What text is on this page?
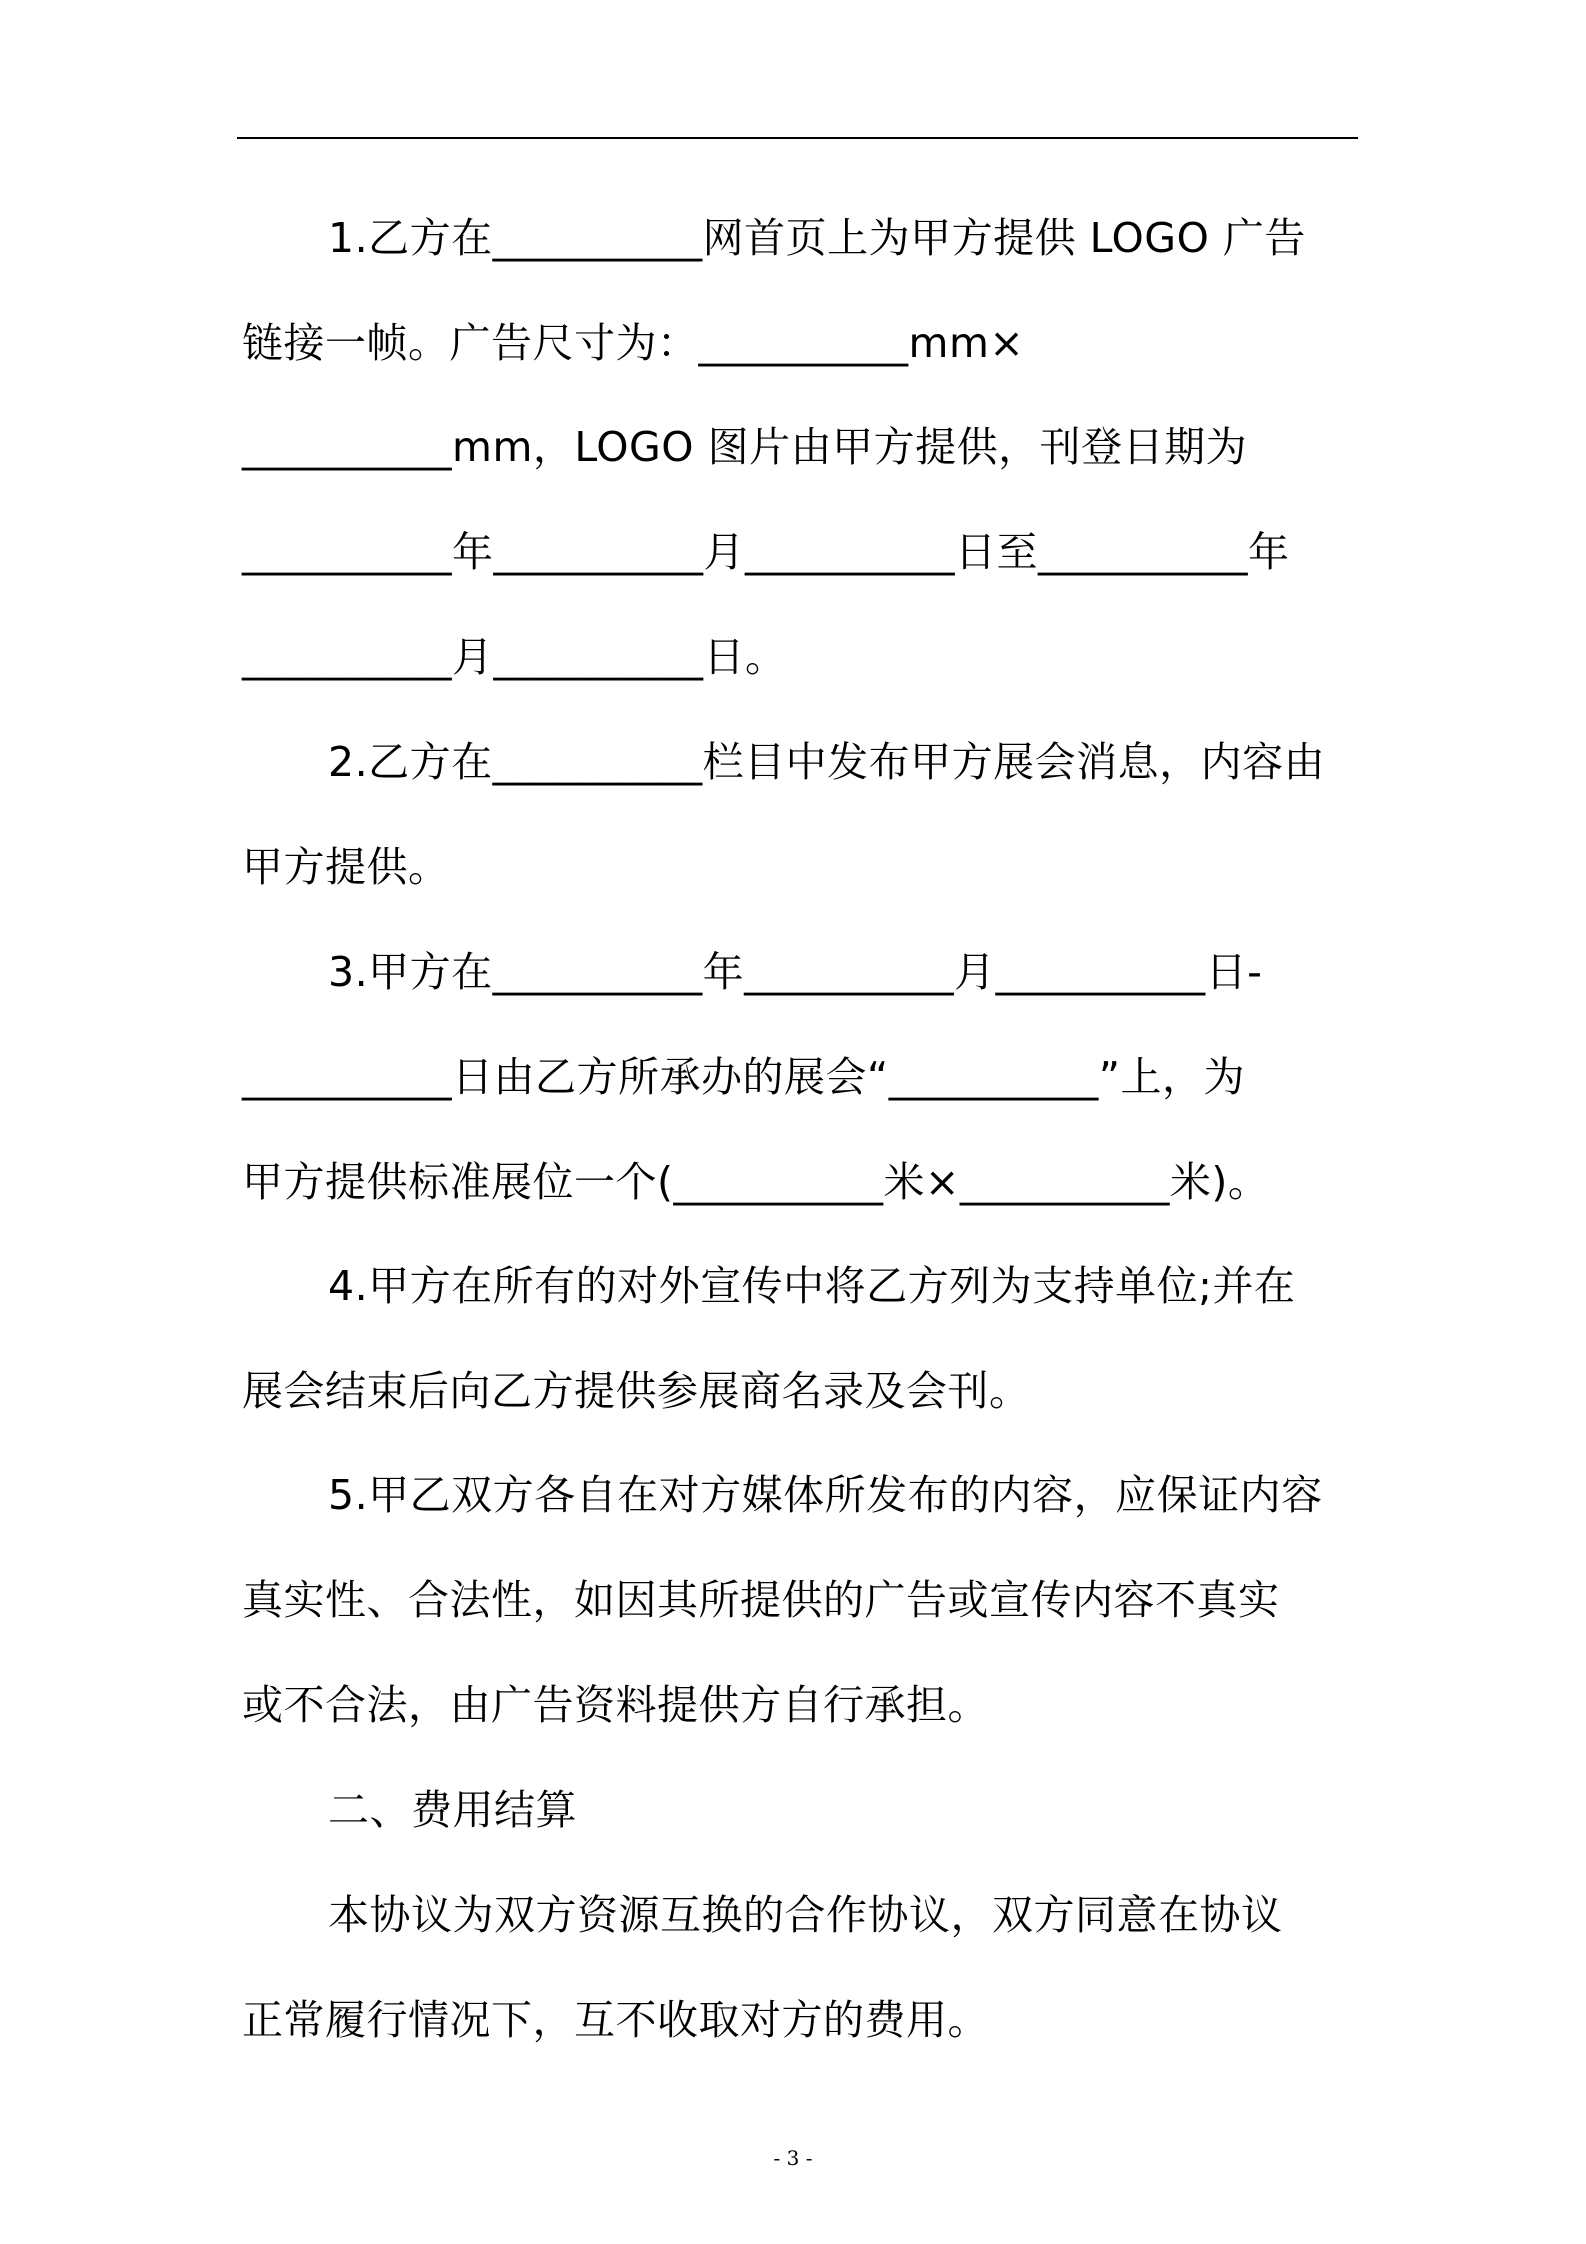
1.乙方在__________网首页上为甲方提供 LOGO 广告

链接一帧。广告尺寸为：__________mm×

__________mm，LOGO 图片由甲方提供，刊登日期为

__________年__________月__________日至__________年

__________月__________日。

2.乙方在__________栏目中发布甲方展会消息，内容由

甲方提供。

3.甲方在__________年__________月__________日-

__________日由乙方所承办的展会“__________”上，为

甲方提供标准展位一个(__________米×__________米)。

4.甲方在所有的对外宣传中将乙方列为支持单位;并在

展会结束后向乙方提供参展商名录及会刊。

5.甲乙双方各自在对方媒体所发布的内容，应保证内容

真实性、合法性，如因其所提供的广告或宣传内容不真实

或不合法，由广告资料提供方自行承担。

二、费用结算

本协议为双方资源互换的合作协议，双方同意在协议

正常履行情况下，互不收取对方的费用。

- 3 -
